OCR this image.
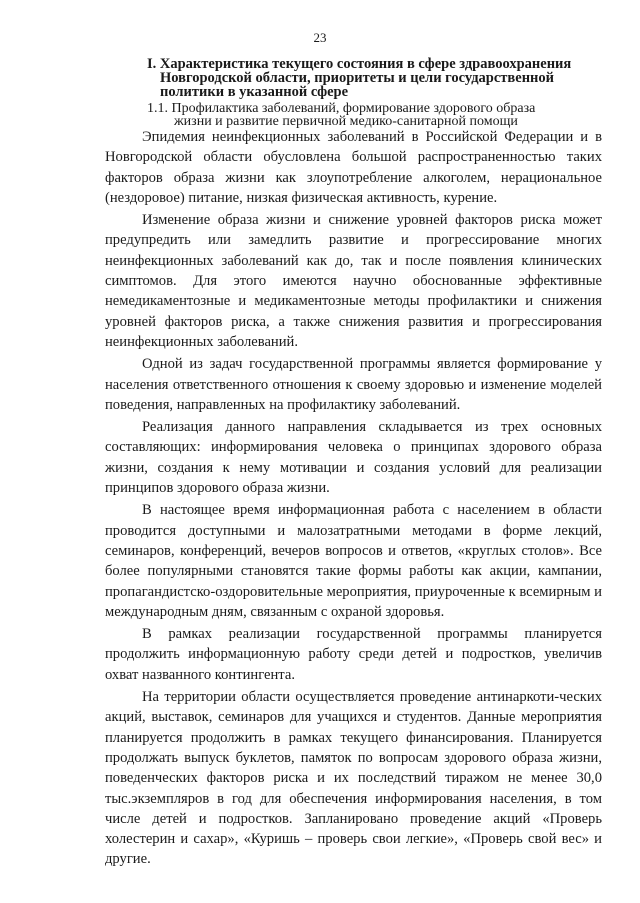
23
I. Характеристика текущего состояния в сфере здравоохранения
Новгородской области, приоритеты и цели государственной
политики в указанной сфере
1.1. Профилактика заболеваний, формирование здорового образа
жизни и развитие первичной медико-санитарной помощи

Эпидемия неинфекционных заболеваний в Российской Федерации и в Новгородской области обусловлена большой распространенностью таких факторов образа жизни как злоупотребление алкоголем, нерациональное (нездоровое) питание, низкая физическая активность, курение.

Изменение образа жизни и снижение уровней факторов риска может предупредить или замедлить развитие и прогрессирование многих неинфекционных заболеваний как до, так и после появления клинических симптомов. Для этого имеются научно обоснованные эффективные немедикаментозные и медикаментозные методы профилактики и снижения уровней факторов риска, а также снижения развития и прогрессирования неинфекционных заболеваний.

Одной из задач государственной программы является формирование у населения ответственного отношения к своему здоровью и изменение моделей поведения, направленных на профилактику заболеваний.

Реализация данного направления складывается из трех основных составляющих: информирования человека о принципах здорового образа жизни, создания к нему мотивации и создания условий для реализации принципов здорового образа жизни.

В настоящее время информационная работа с населением в области проводится доступными и малозатратными методами в форме лекций, семинаров, конференций, вечеров вопросов и ответов, «круглых столов». Все более популярными становятся такие формы работы как акции, кампании, пропагандистско-оздоровительные мероприятия, приуроченные к всемирным и международным дням, связанным с охраной здоровья.

В рамках реализации государственной программы планируется продолжить информационную работу среди детей и подростков, увеличив охват названного контингента.

На территории области осуществляется проведение антинаркоти-ческих акций, выставок, семинаров для учащихся и студентов. Данные мероприятия планируется продолжить в рамках текущего финансирования. Планируется продолжать выпуск буклетов, памяток по вопросам здорового образа жизни, поведенческих факторов риска и их последствий тиражом не менее 30,0 тыс.экземпляров в год для обеспечения информирования населения, в том числе детей и подростков. Запланировано проведение акций «Проверь холестерин и сахар», «Куришь – проверь свои легкие», «Проверь свой вес» и другие.
